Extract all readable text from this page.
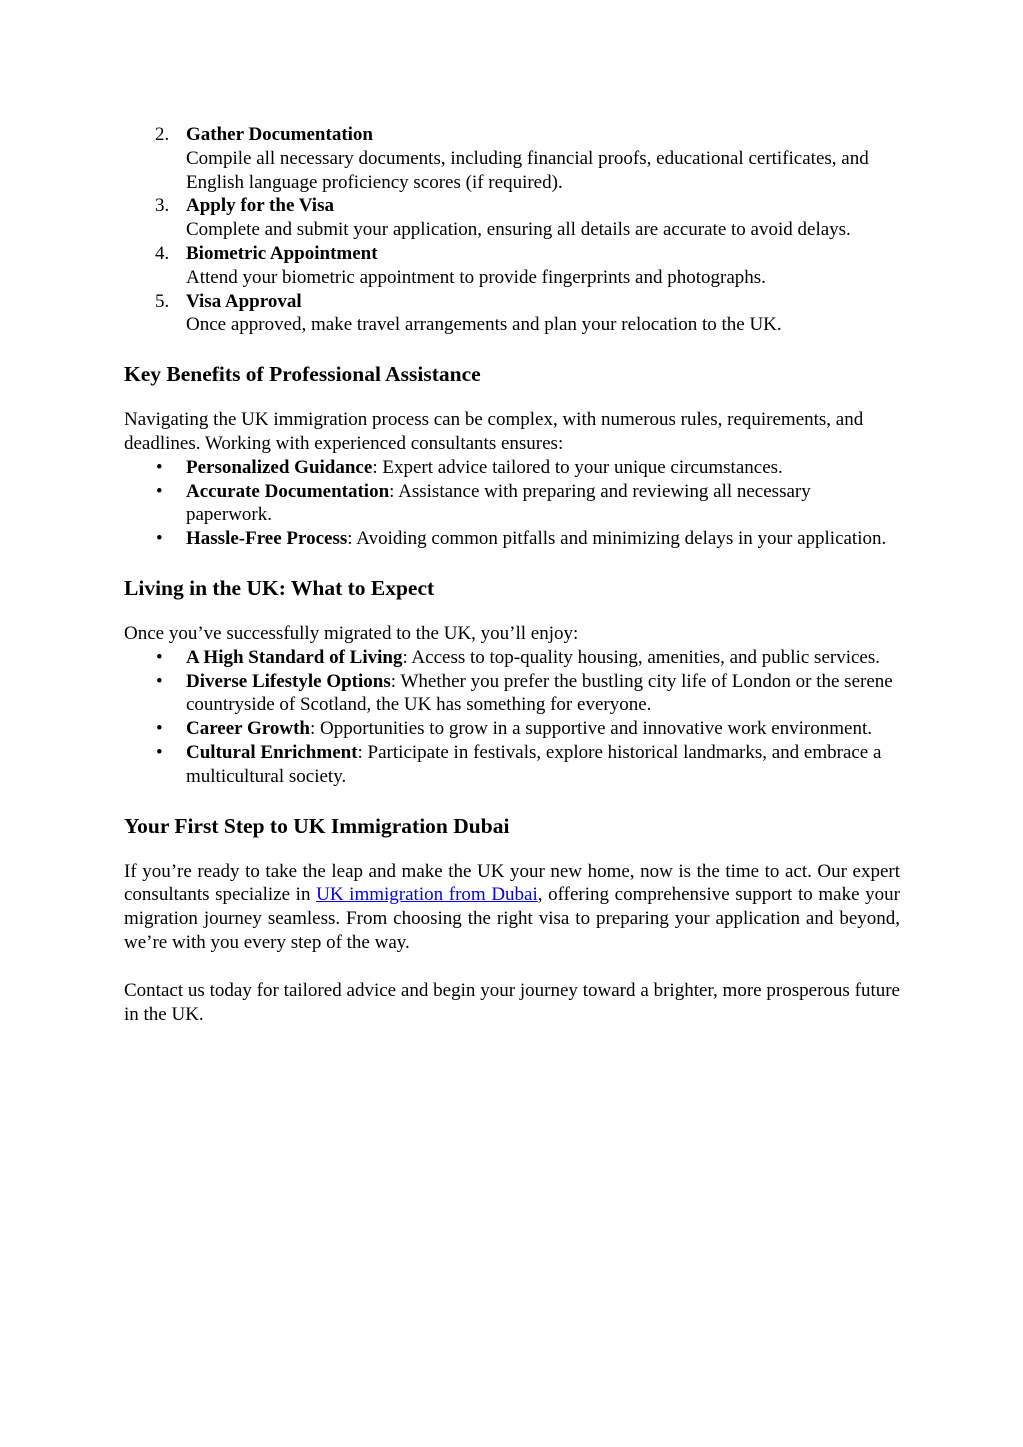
2. Gather Documentation
Compile all necessary documents, including financial proofs, educational certificates, and English language proficiency scores (if required).
3. Apply for the Visa
Complete and submit your application, ensuring all details are accurate to avoid delays.
4. Biometric Appointment
Attend your biometric appointment to provide fingerprints and photographs.
5. Visa Approval
Once approved, make travel arrangements and plan your relocation to the UK.
Key Benefits of Professional Assistance

Navigating the UK immigration process can be complex, with numerous rules, requirements, and deadlines. Working with experienced consultants ensures:

• Personalized Guidance: Expert advice tailored to your unique circumstances.
• Accurate Documentation: Assistance with preparing and reviewing all necessary paperwork.
• Hassle-Free Process: Avoiding common pitfalls and minimizing delays in your application.
Living in the UK: What to Expect

Once you’ve successfully migrated to the UK, you’ll enjoy:

• A High Standard of Living: Access to top-quality housing, amenities, and public services.
• Diverse Lifestyle Options: Whether you prefer the bustling city life of London or the serene countryside of Scotland, the UK has something for everyone.
• Career Growth: Opportunities to grow in a supportive and innovative work environment.
• Cultural Enrichment: Participate in festivals, explore historical landmarks, and embrace a multicultural society.
Your First Step to UK Immigration Dubai

If you’re ready to take the leap and make the UK your new home, now is the time to act. Our expert consultants specialize in UK immigration from Dubai, offering comprehensive support to make your migration journey seamless. From choosing the right visa to preparing your application and beyond, we’re with you every step of the way.

Contact us today for tailored advice and begin your journey toward a brighter, more prosperous future in the UK.
